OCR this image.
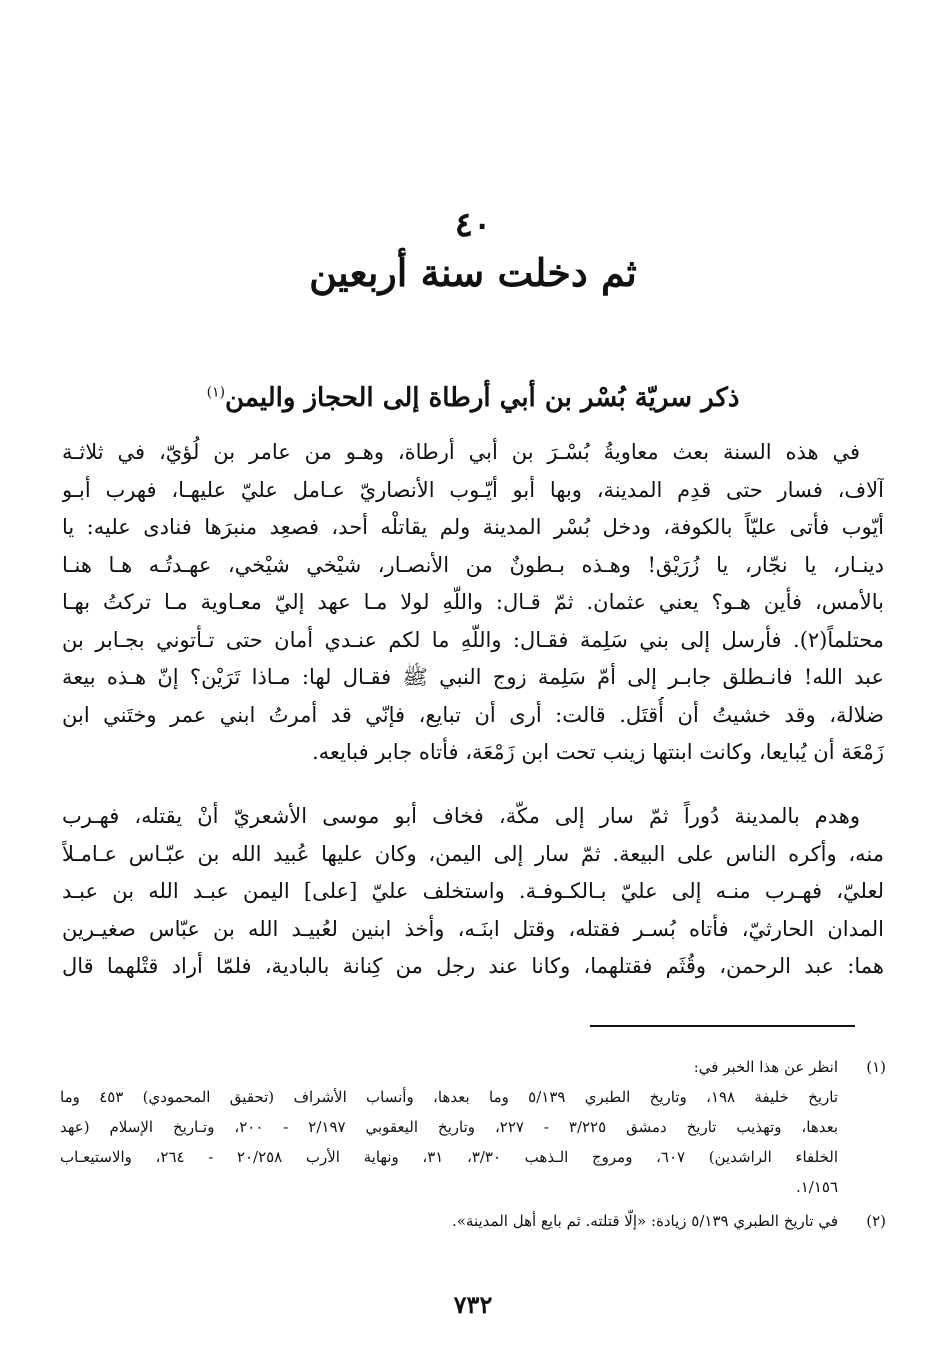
٤٠
ثم دخلت سنة أربعين
ذكر سريّة بُسْر بن أبي أرطاة إلى الحجاز واليمن$^{(١)}$
في هذه السنة بعث معاويةُ بُسْـرَ بن أبي أرطاة، وهـو من عامر بن لُؤيّ، في ثلاثـة
آلاف، فسار حتى قدِم المدينة، وبها أبو أيّـوب الأنصاريّ عـامل عليّ عليهـا، فهرب أبـو
أيّوب فأتى عليّاً بالكوفة، ودخل بُسْر المدينة ولم يقاتلْه أحد، فصعِد منبرَها فنادى عليه: يا
دينـار، يا نجّار، يا زُرَيْق! وهـذه بـطونٌ من الأنصـار، شيْخي شيْخي، عهـدتُـه هـا هنـا
بالأمس، فأين هـو؟ يعني عثمان. ثمّ قـال: واللّهِ لولا مـا عهد إليّ معـاوية مـا تركتُ بهـا
محتلماً(٢). فأرسل إلى بني سَلِمة فقـال: واللّهِ ما لكم عنـدي أمان حتى تـأتوني بجـابر بن
عبد الله! فانـطلق جابـر إلى أمّ سَلِمة زوج النبي ﷺ فقـال لها: مـاذا تَرَيْن؟ إنّ هـذه بيعة
ضلالة، وقد خشيتُ أن أُقتَل. قالت: أرى أن تبايع، فإنّي قد أمرتُ ابني عمر وختَني ابن
زَمْعَة أن يُبايعا، وكانت ابنتها زينب تحت ابن زَمْعَة، فأتاه جابر فبايعه.
وهدم بالمدينة دُوراً ثمّ سار إلى مكّة، فخاف أبو موسى الأشعريّ أنْ يقتله، فهـرب
منه، وأكره الناس على البيعة. ثمّ سار إلى اليمن، وكان عليها عُبيد الله بن عبّـاس عـامـلاً
لعليّ، فهـرب منـه إلى عليّ بـالكـوفـة. واستخلف عليّ [على] اليمن عبـد الله بن عبـد
المدان الحارثيّ، فأتاه بُسـر فقتله، وقتل ابنَـه، وأخذ ابنين لعُبيـد الله بن عبّاس صغيـرين
هما: عبد الرحمن، وقُثَم فقتلهما، وكانا عند رجل من كِنانة بالبادية، فلمّا أراد قتْلهما قال
(١)
انظر عن هذا الخبر في:
تاريخ خليفة ١٩٨، وتاريخ الطبري ٥/١٣٩ وما بعدها، وأنساب الأشراف (تحقيق المحمودي) ٤٥٣ وما
بعدها، وتهذيب تاريخ دمشق ٣/٢٢٥ - ٢٢٧، وتاريخ اليعقوبي ٢/١٩٧ - ٢٠٠، وتـاريخ الإسلام (عهد
الخلفاء الراشدين) ٦٠٧، ومروج الـذهب ٣/٣٠، ٣١، ونهاية الأرب ٢٠/٢٥٨ - ٢٦٤، والاستيعـاب
١/١٥٦.
(٢)
في تاريخ الطبري ٥/١٣٩ زيادة: «إلّا قتلته. ثم بايع أهل المدينة».
٧٣٢
